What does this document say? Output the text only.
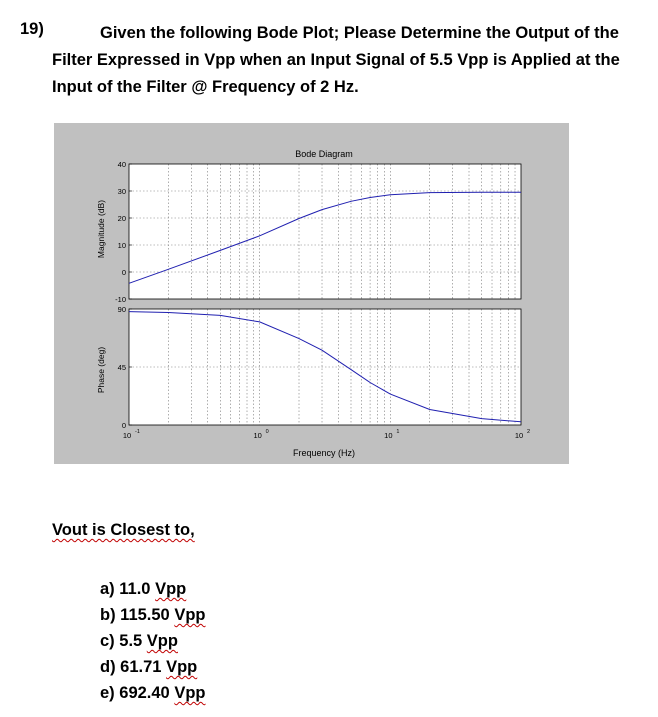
19)	Given the following Bode Plot; Please Determine the Output of the
Filter Expressed in Vpp when an Input Signal of 5.5 Vpp is Applied at the
Input of the Filter @ Frequency of 2 Hz.
Bode Diagram
Frequency (Hz)
Magnitude (dB)
Phase (deg)
40
30
20
10
0
-10
90
45
0
10 -1	10 0	10 1	10 2
Vout is Closest to,
a) 11.0 Vpp
b) 115.50 Vpp
c) 5.5 Vpp
d) 61.71 Vpp
e) 692.40 Vpp
